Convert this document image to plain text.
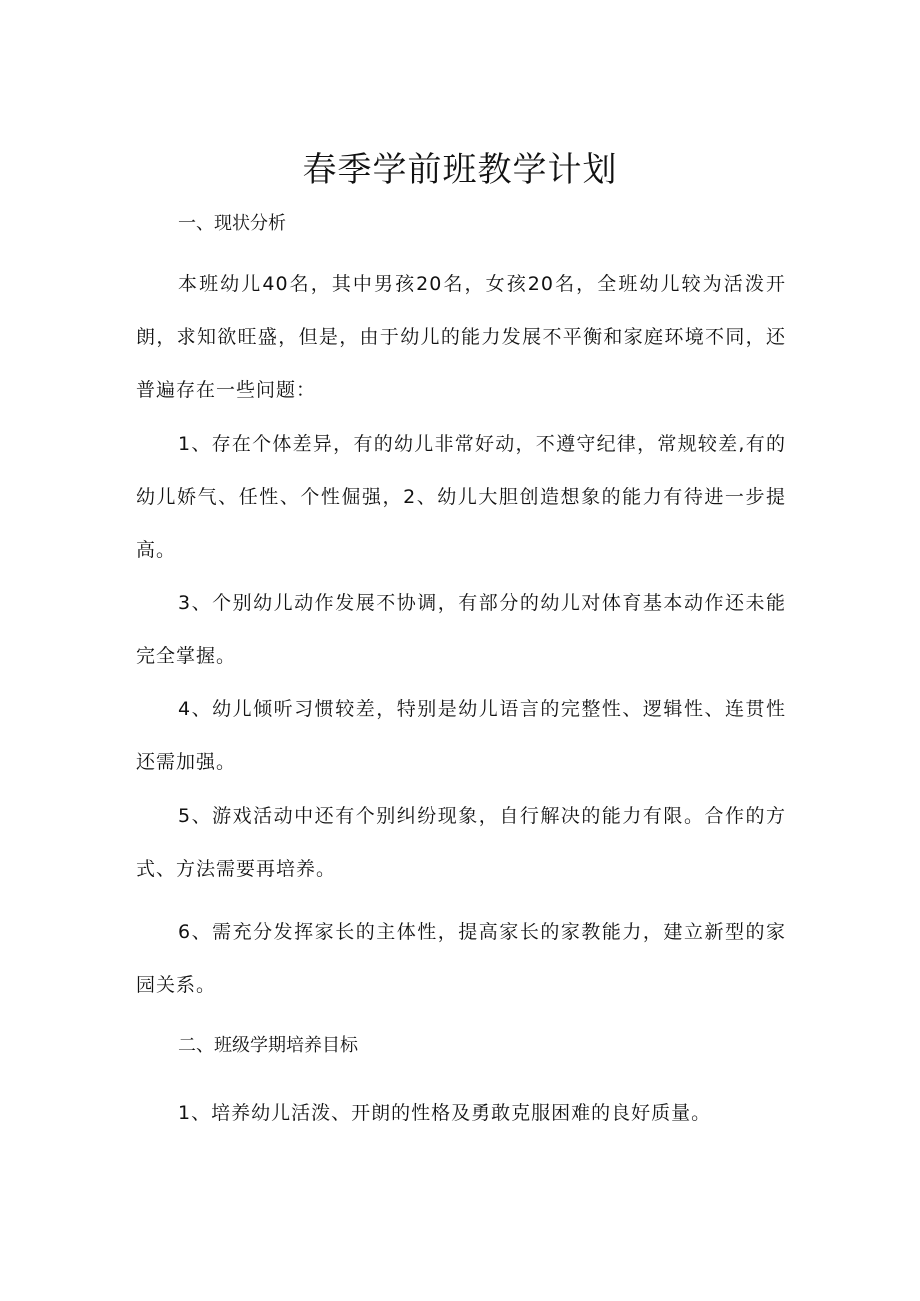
春季学前班教学计划
一、现状分析

本班幼儿40名，其中男孩20名，女孩20名，全班幼儿较为活泼开朗，求知欲旺盛，但是，由于幼儿的能力发展不平衡和家庭环境不同，还普遍存在一些问题：

1、存在个体差异，有的幼儿非常好动，不遵守纪律，常规较差,有的幼儿娇气、任性、个性倔强，2、幼儿大胆创造想象的能力有待进一步提高。

3、个别幼儿动作发展不协调，有部分的幼儿对体育基本动作还未能完全掌握。

4、幼儿倾听习惯较差，特别是幼儿语言的完整性、逻辑性、连贯性还需加强。

5、游戏活动中还有个别纠纷现象，自行解决的能力有限。合作的方式、方法需要再培养。

6、需充分发挥家长的主体性，提高家长的家教能力，建立新型的家园关系。

二、班级学期培养目标

1、培养幼儿活泼、开朗的性格及勇敢克服困难的良好质量。
